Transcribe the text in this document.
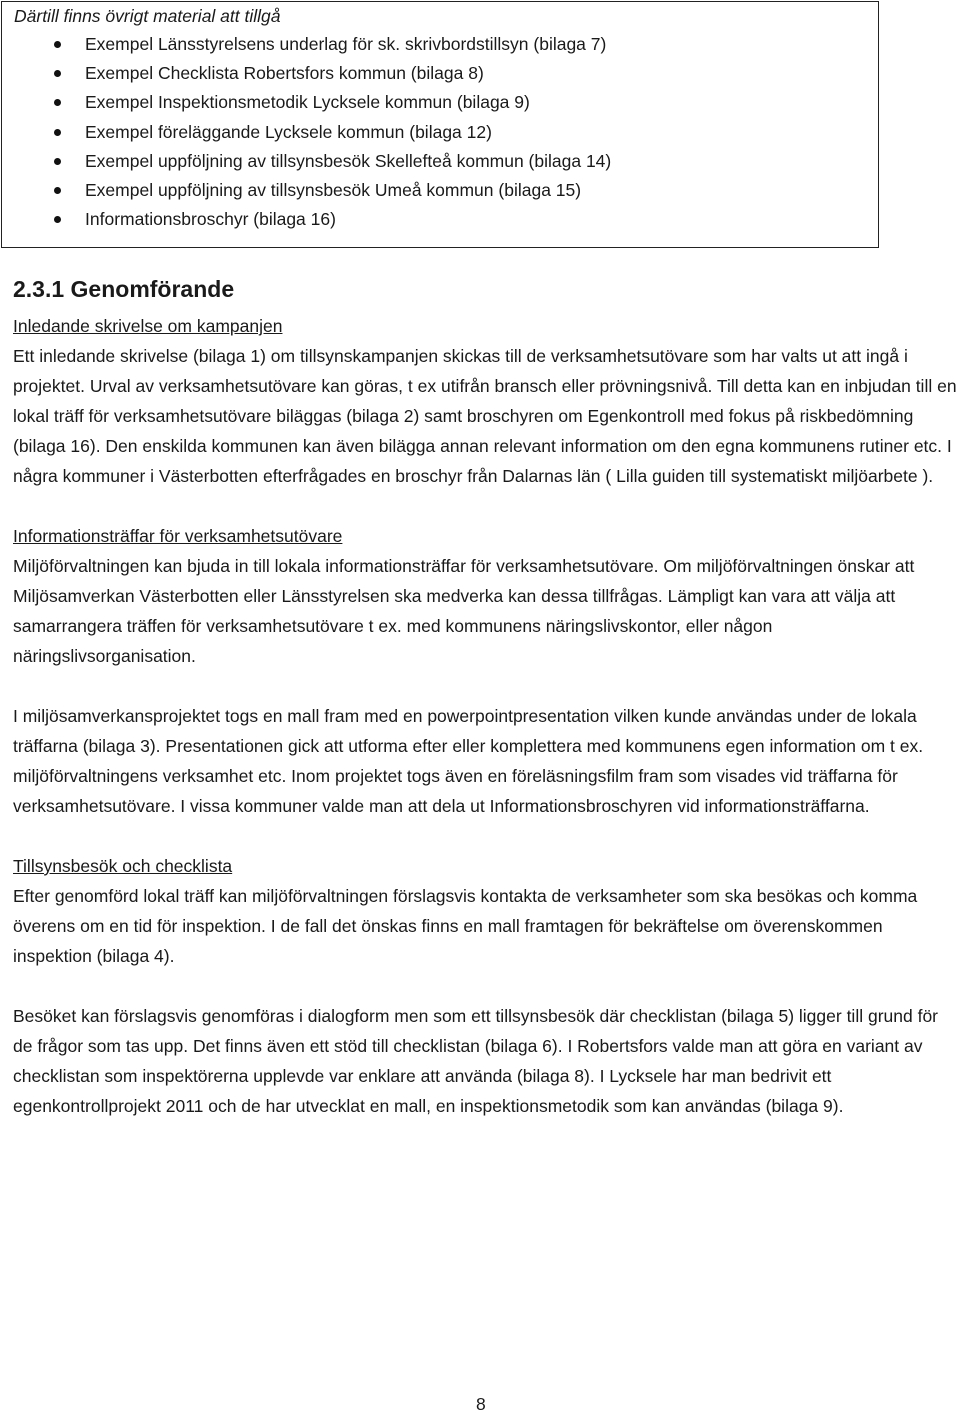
Därtill finns övrigt material att tillgå

Exempel Länsstyrelsens underlag för sk. skrivbordstillsyn (bilaga 7)
Exempel Checklista Robertsfors kommun (bilaga 8)
Exempel Inspektionsmetodik Lycksele kommun (bilaga 9)
Exempel föreläggande Lycksele kommun (bilaga 12)
Exempel uppföljning av tillsynsbesök Skellefteå kommun (bilaga 14)
Exempel uppföljning av tillsynsbesök Umeå kommun (bilaga 15)
Informationsbroschyr (bilaga 16)
2.3.1 Genomförande

Inledande skrivelse om kampanjen

Ett inledande skrivelse (bilaga 1) om tillsynskampanjen skickas till de verksamhetsutövare som har valts ut att ingå i projektet. Urval av verksamhetsutövare kan göras, t ex utifrån bransch eller prövningsnivå. Till detta kan en inbjudan till en lokal träff för verksamhetsutövare biläggas (bilaga 2) samt broschyren om Egenkontroll med fokus på riskbedömning (bilaga 16). Den enskilda kommunen kan även bilägga annan relevant information om den egna kommunens rutiner etc. I några kommuner i Västerbotten efterfrågades en broschyr från Dalarnas län ( Lilla guiden till systematiskt miljöarbete ).

Informationsträffar för verksamhetsutövare

Miljöförvaltningen kan bjuda in till lokala informationsträffar för verksamhetsutövare. Om miljöförvaltningen önskar att Miljösamverkan Västerbotten eller Länsstyrelsen ska medverka kan dessa tillfrågas. Lämpligt kan vara att välja att samarrangera träffen för verksamhetsutövare t ex. med kommunens näringslivskontor, eller någon näringslivsorganisation.

I miljösamverkansprojektet togs en mall fram med en powerpointpresentation vilken kunde användas under de lokala träffarna (bilaga 3). Presentationen gick att utforma efter eller komplettera med kommunens egen information om t ex. miljöförvaltningens verksamhet etc. Inom projektet togs även en föreläsningsfilm fram som visades vid träffarna för verksamhetsutövare. I vissa kommuner valde man att dela ut Informationsbroschyren vid informationsträffarna.

Tillsynsbesök och checklista

Efter genomförd lokal träff kan miljöförvaltningen förslagsvis kontakta de verksamheter som ska besökas och komma överens om en tid för inspektion. I de fall det önskas finns en mall framtagen för bekräftelse om överenskommen inspektion (bilaga 4).

Besöket kan förslagsvis genomföras i dialogform men som ett tillsynsbesök där checklistan (bilaga 5) ligger till grund för de frågor som tas upp. Det finns även ett stöd till checklistan (bilaga 6). I Robertsfors valde man att göra en variant av checklistan som inspektörerna upplevde var enklare att använda (bilaga 8). I Lycksele har man bedrivit ett egenkontrollprojekt 2011 och de har utvecklat en mall, en inspektionsmetodik som kan användas (bilaga 9).

8
